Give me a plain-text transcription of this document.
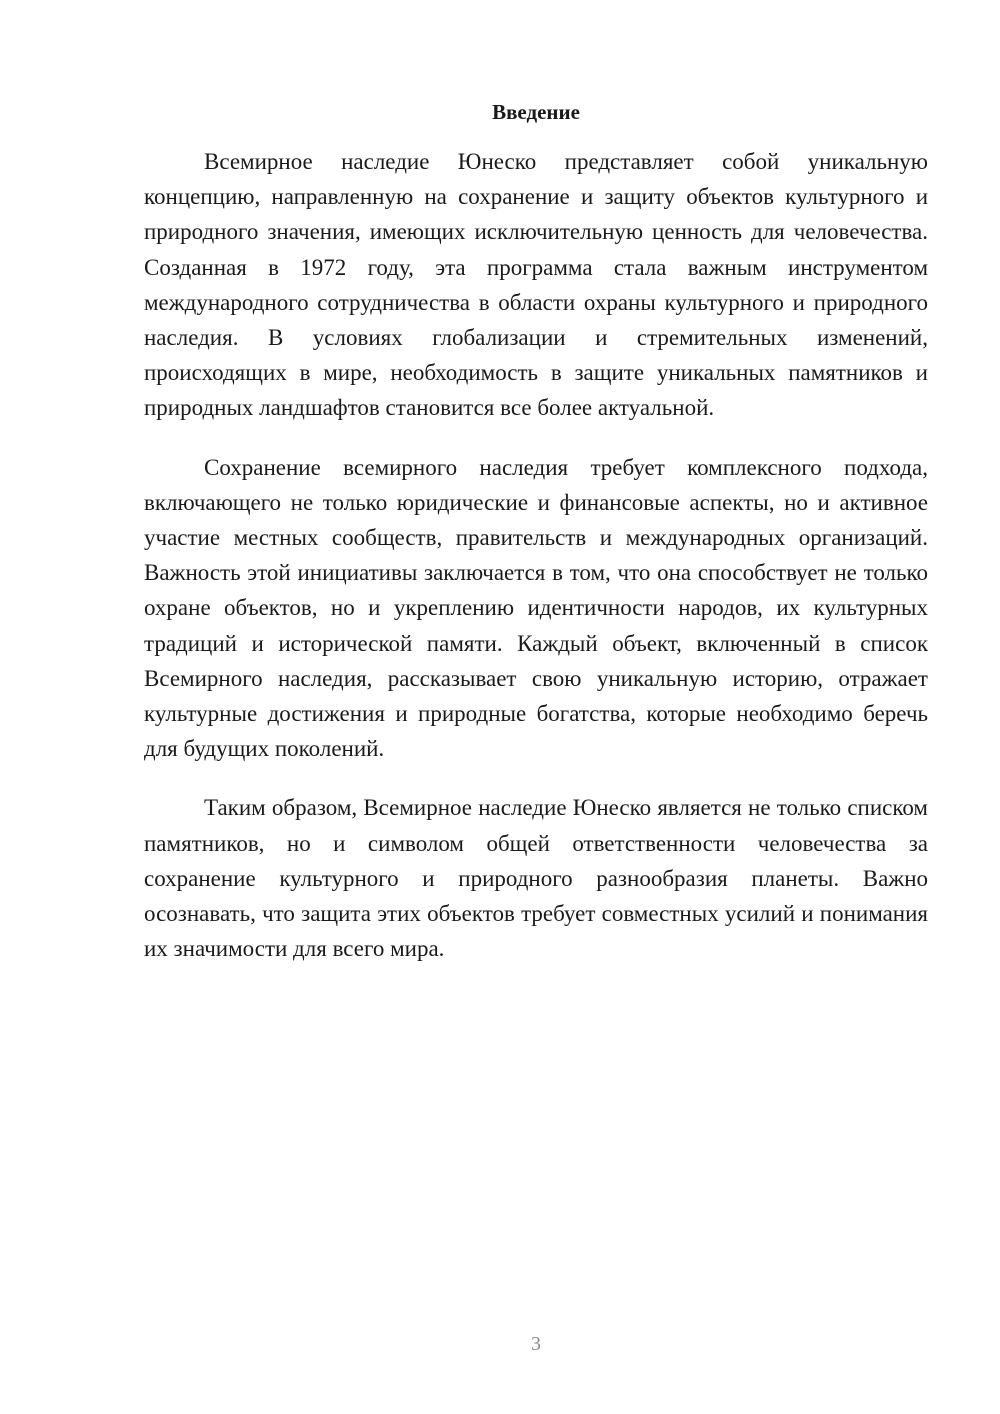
Введение

Всемирное наследие Юнеско представляет собой уникальную концепцию, направленную на сохранение и защиту объектов культурного и природного значения, имеющих исключительную ценность для человечества. Созданная в 1972 году, эта программа стала важным инструментом международного сотрудничества в области охраны культурного и природного наследия. В условиях глобализации и стремительных изменений, происходящих в мире, необходимость в защите уникальных памятников и природных ландшафтов становится все более актуальной.

Сохранение всемирного наследия требует комплексного подхода, включающего не только юридические и финансовые аспекты, но и активное участие местных сообществ, правительств и международных организаций. Важность этой инициативы заключается в том, что она способствует не только охране объектов, но и укреплению идентичности народов, их культурных традиций и исторической памяти. Каждый объект, включенный в список Всемирного наследия, рассказывает свою уникальную историю, отражает культурные достижения и природные богатства, которые необходимо беречь для будущих поколений.

Таким образом, Всемирное наследие Юнеско является не только списком памятников, но и символом общей ответственности человечества за сохранение культурного и природного разнообразия планеты. Важно осознавать, что защита этих объектов требует совместных усилий и понимания их значимости для всего мира.

3
